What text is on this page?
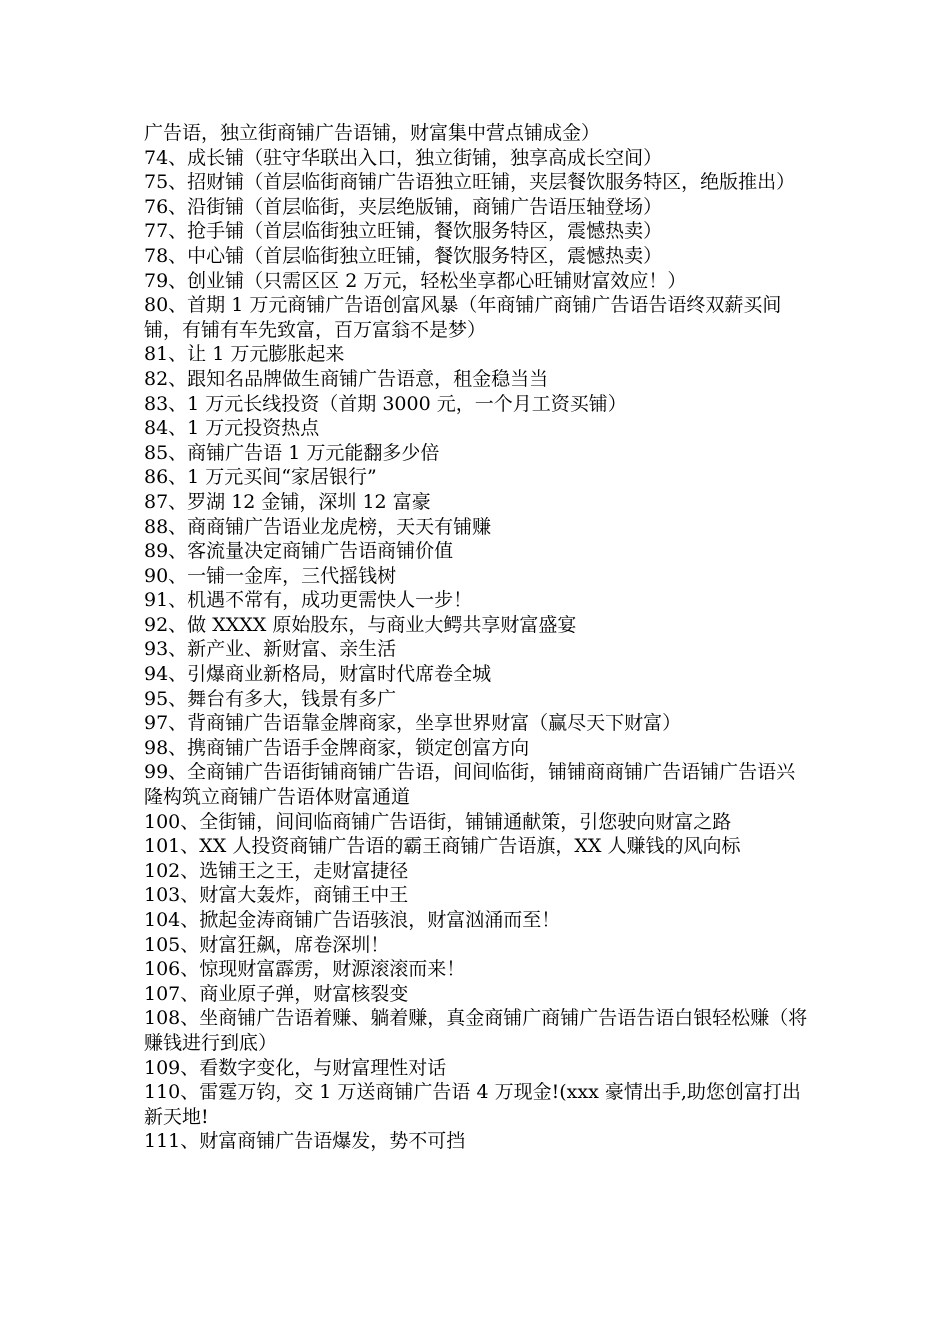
广告语，独立街商铺广告语铺，财富集中营点铺成金）
74、成长铺（驻守华联出入口，独立街铺，独享高成长空间）
75、招财铺（首层临街商铺广告语独立旺铺，夹层餐饮服务特区，绝版推出）
76、沿街铺（首层临街，夹层绝版铺，商铺广告语压轴登场）
77、抢手铺（首层临街独立旺铺，餐饮服务特区，震憾热卖）
78、中心铺（首层临街独立旺铺，餐饮服务特区，震憾热卖）
79、创业铺（只需区区 2 万元，轻松坐享都心旺铺财富效应！）
80、首期 1 万元商铺广告语创富风暴（年商铺广商铺广告语告语终双薪买间铺，有铺有车先致富，百万富翁不是梦）
81、让 1 万元膨胀起来
82、跟知名品牌做生商铺广告语意，租金稳当当
83、1 万元长线投资（首期 3000 元，一个月工资买铺）
84、1 万元投资热点
85、商铺广告语 1 万元能翻多少倍
86、1 万元买间“家居银行”
87、罗湖 12 金铺，深圳 12 富豪
88、商商铺广告语业龙虎榜，天天有铺赚
89、客流量决定商铺广告语商铺价值
90、一铺一金库，三代摇钱树
91、机遇不常有，成功更需快人一步！
92、做 XXXX 原始股东，与商业大鳄共享财富盛宴
93、新产业、新财富、亲生活
94、引爆商业新格局，财富时代席卷全城
95、舞台有多大，钱景有多广
97、背商铺广告语靠金牌商家，坐享世界财富（赢尽天下财富）
98、携商铺广告语手金牌商家，锁定创富方向
99、全商铺广告语街铺商铺广告语，间间临街，铺铺商商铺广告语铺广告语兴隆构筑立商铺广告语体财富通道
100、全街铺，间间临商铺广告语街，铺铺通献策，引您驶向财富之路
101、XX 人投资商铺广告语的霸王商铺广告语旗，XX 人赚钱的风向标
102、选铺王之王，走财富捷径
103、财富大轰炸，商铺王中王
104、掀起金涛商铺广告语骇浪，财富汹涌而至！
105、财富狂飙，席卷深圳！
106、惊现财富霹雳，财源滚滚而来！
107、商业原子弹，财富核裂变
108、坐商铺广告语着赚、躺着赚，真金商铺广商铺广告语告语白银轻松赚（将赚钱进行到底）
109、看数字变化，与财富理性对话
110、雷霆万钧，交 1 万送商铺广告语 4 万现金!(xxx 豪情出手,助您创富打出新天地!
111、财富商铺广告语爆发，势不可挡
